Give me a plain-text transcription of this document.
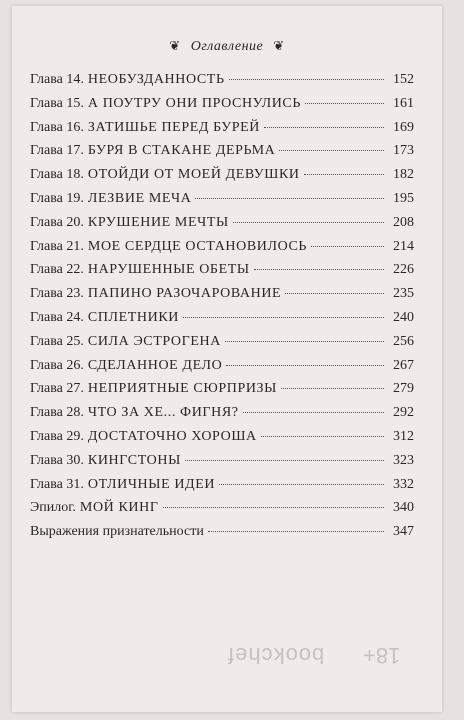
❦ Оглавление ❦
Глава 14. НЕОБУЗДАННОСТЬ	152
Глава 15. А ПОУТРУ ОНИ ПРОСНУЛИСЬ	161
Глава 16. ЗАТИШЬЕ ПЕРЕД БУРЕЙ	169
Глава 17. БУРЯ В СТАКАНЕ ДЕРЬМА	173
Глава 18. ОТОЙДИ ОТ МОЕЙ ДЕВУШКИ	182
Глава 19. ЛЕЗВИЕ МЕЧА	195
Глава 20. КРУШЕНИЕ МЕЧТЫ	208
Глава 21. МОЕ СЕРДЦЕ ОСТАНОВИЛОСЬ	214
Глава 22. НАРУШЕННЫЕ ОБЕТЫ	226
Глава 23. ПАПИНО РАЗОЧАРОВАНИЕ	235
Глава 24. СПЛЕТНИКИ	240
Глава 25. СИЛА ЭСТРОГЕНА	256
Глава 26. СДЕЛАННОЕ ДЕЛО	267
Глава 27. НЕПРИЯТНЫЕ СЮРПРИЗЫ	279
Глава 28. ЧТО ЗА ХЕ... ФИГНЯ?	292
Глава 29. ДОСТАТОЧНО ХОРОША	312
Глава 30. КИНГСТОНЫ	323
Глава 31. ОТЛИЧНЫЕ ИДЕИ	332
Эпилог. МОЙ КИНГ	340
Выражения признательности	347
bookchef 18+
